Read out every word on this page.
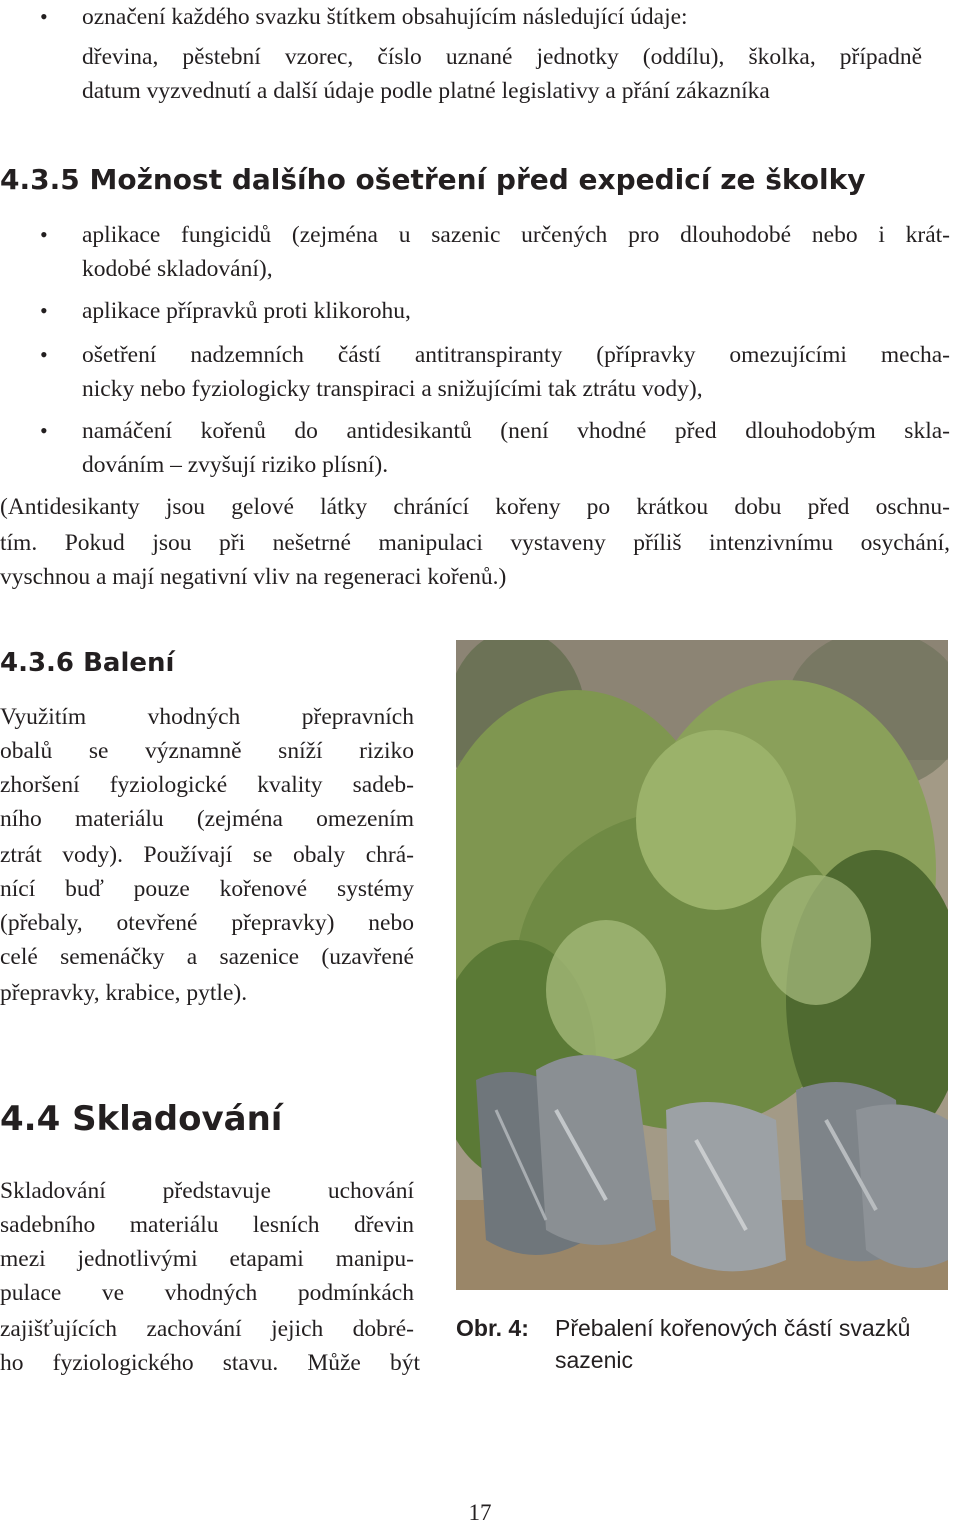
• označení každého svazku štítkem obsahujícím následující údaje:

dřevina, pěstební vzorec, číslo uznané jednotky (oddílu), školka, případně

datum vyzvednutí a další údaje podle platné legislativy a přání zákazníka

4.3.5 Možnost dalšího ošetření před expedicí ze školky
• aplikace fungicidů (zejména u sazenic určených pro dlouhodobé nebo i krát-

kodobé skladování),

• aplikace přípravků proti klikorohu,

• ošetření nadzemních částí antitranspiranty (přípravky omezujícími mecha-

nicky nebo fyziologicky transpiraci a snižujícími tak ztrátu vody),

• namáčení kořenů do antidesikantů (není vhodné před dlouhodobým skla-

dováním – zvyšují riziko plísní).

(Antidesikanty jsou gelové látky chránící kořeny po krátkou dobu před oschnu-

tím. Pokud jsou při nešetrné manipulaci vystaveny příliš intenzivnímu osychání,

vyschnou a mají negativní vliv na regeneraci kořenů.)

4.3.6 Balení

Využitím vhodných přepravních

obalů se významně sníží riziko

zhoršení fyziologické kvality sadeb-

ního materiálu (zejména omezením

ztrát vody). Používají se obaly chrá-

nící buď pouze kořenové systémy

(přebaly, otevřené přepravky) nebo

celé semenáčky a sazenice (uzavřené

přepravky, krabice, pytle).

4.4 Skladování

Skladování představuje uchování

sadebního materiálu lesních dřevin

mezi jednotlivými etapami manipu-

pulace ve vhodných podmínkách

zajišťujících zachování jejich dobré-

ho fyziologického stavu. Může být

Obr. 4: Přebalení kořenových částí svazků sazenic
17
